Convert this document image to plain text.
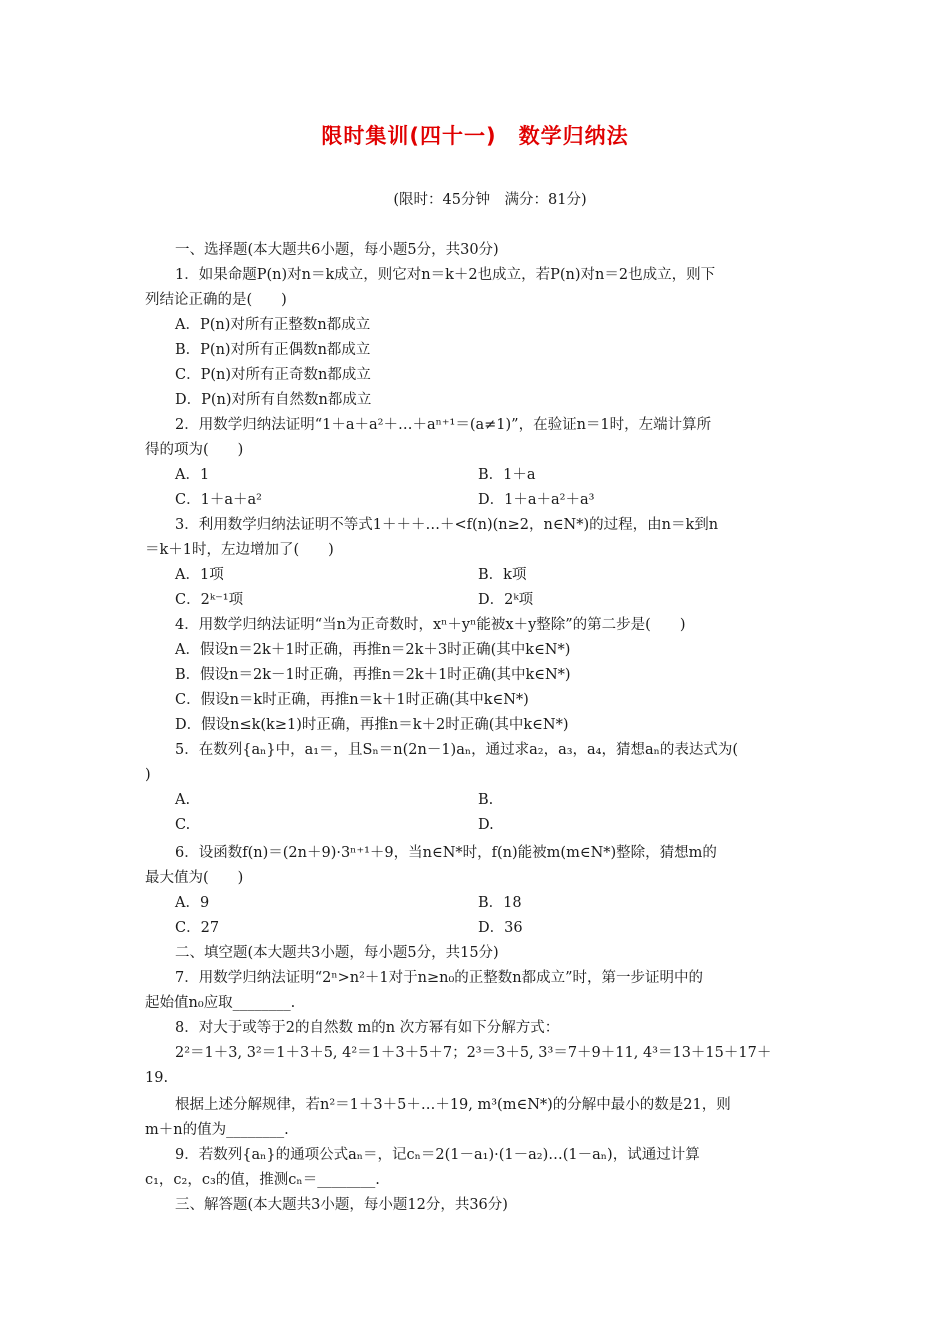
限时集训(四十一)　数学归纳法
(限时：45分钟　满分：81分)
一、选择题(本大题共6小题，每小题5分，共30分)
1．如果命题P(n)对n＝k成立，则它对n＝k＋2也成立，若P(n)对n＝2也成立，则下
列结论正确的是(　　)
A．P(n)对所有正整数n都成立
B．P(n)对所有正偶数n都成立
C．P(n)对所有正奇数n都成立
D．P(n)对所有自然数n都成立
2．用数学归纳法证明“1＋a＋a²＋…＋aⁿ⁺¹＝(a≠1)”，在验证n＝1时，左端计算所
得的项为(　　)
A．1	B．1＋a
C．1＋a＋a²	D．1＋a＋a²＋a³
3．利用数学归纳法证明不等式1＋＋＋…＋<f(n)(n≥2，n∈N*)的过程，由n＝k到n
＝k＋1时，左边增加了(　　)
A．1项	B．k项
C．2ᵏ⁻¹项	D．2ᵏ项
4．用数学归纳法证明“当n为正奇数时，xⁿ＋yⁿ能被x＋y整除”的第二步是(　　)
A．假设n＝2k＋1时正确，再推n＝2k＋3时正确(其中k∈N*)
B．假设n＝2k－1时正确，再推n＝2k＋1时正确(其中k∈N*)
C．假设n＝k时正确，再推n＝k＋1时正确(其中k∈N*)
D．假设n≤k(k≥1)时正确，再推n＝k＋2时正确(其中k∈N*)
5．在数列{aₙ}中，a₁＝，且Sₙ＝n(2n－1)aₙ，通过求a₂，a₃，a₄，猜想aₙ的表达式为(
)
A.	B.
C.	D.
6．设函数f(n)＝(2n＋9)·3ⁿ⁺¹＋9，当n∈N*时，f(n)能被m(m∈N*)整除，猜想m的
最大值为(　　)
A．9	B．18
C．27	D．36
二、填空题(本大题共3小题，每小题5分，共15分)
7．用数学归纳法证明“2ⁿ>n²＋1对于n≥n₀的正整数n都成立”时，第一步证明中的
起始值n₀应取________.
8．对大于或等于2的自然数 m的n 次方幂有如下分解方式：
2²＝1＋3, 3²＝1＋3＋5, 4²＝1＋3＋5＋7；2³＝3＋5, 3³＝7＋9＋11, 4³＝13＋15＋17＋
19.
根据上述分解规律，若n²＝1＋3＋5＋…＋19, m³(m∈N*)的分解中最小的数是21，则
m＋n的值为________.
9．若数列{aₙ}的通项公式aₙ＝，记cₙ＝2(1－a₁)·(1－a₂)…(1－aₙ)，试通过计算
c₁，c₂，c₃的值，推测cₙ＝________.
三、解答题(本大题共3小题，每小题12分，共36分)
